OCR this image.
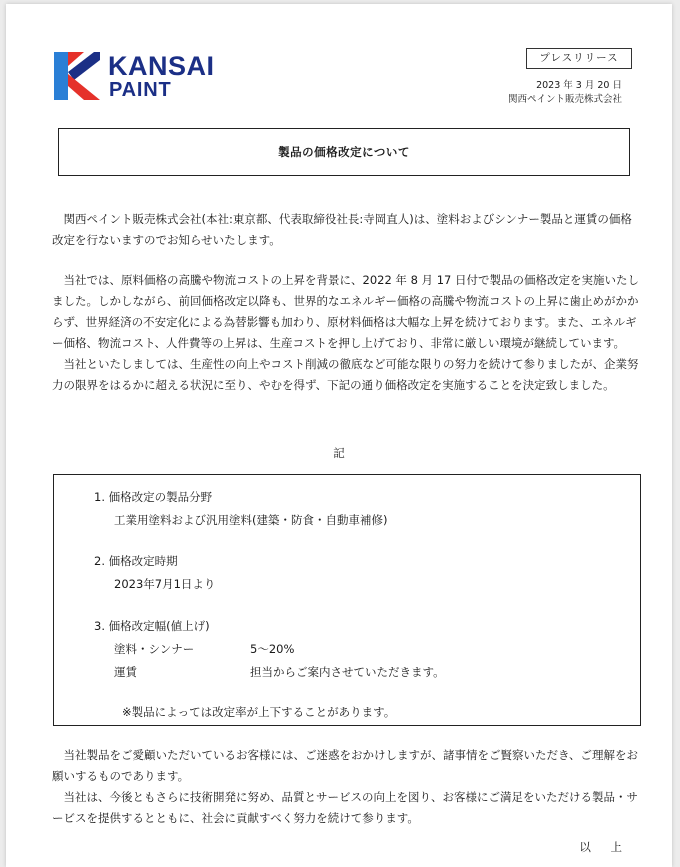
KANSAI
PAINT
プレスリリース
2023 年 3 月 20 日
関西ペイント販売株式会社
製品の価格改定について

関西ペイント販売株式会社(本社:東京都、代表取締役社長:寺岡直人)は、塗料およびシンナー製品と運賃の価格改定を行ないますのでお知らせいたします。

当社では、原料価格の高騰や物流コストの上昇を背景に、2022 年 8 月 17 日付で製品の価格改定を実施いたしました。しかしながら、前回価格改定以降も、世界的なエネルギー価格の高騰や物流コストの上昇に歯止めがかからず、世界経済の不安定化による為替影響も加わり、原材料価格は大幅な上昇を続けております。また、エネルギー価格、物流コスト、人件費等の上昇は、生産コストを押し上げており、非常に厳しい環境が継続しています。

当社といたしましては、生産性の向上やコスト削減の徹底など可能な限りの努力を続けて参りましたが、企業努力の限界をはるかに超える状況に至り、やむを得ず、下記の通り価格改定を実施することを決定致しました。

記
1. 価格改定の製品分野
工業用塗料および汎用塗料(建築・防食・自動車補修)
2. 価格改定時期
2023年7月1日より
3. 価格改定幅(値上げ)
塗料・シンナー	5〜20%
運賃	担当からご案内させていただきます。
※製品によっては改定率が上下することがあります。

当社製品をご愛顧いただいているお客様には、ご迷惑をおかけしますが、諸事情をご賢察いただき、ご理解をお願いするものであります。

当社は、今後ともさらに技術開発に努め、品質とサービスの向上を図り、お客様にご満足をいただける製品・サービスを提供するとともに、社会に貢献すべく努力を続けて参ります。

以 上
